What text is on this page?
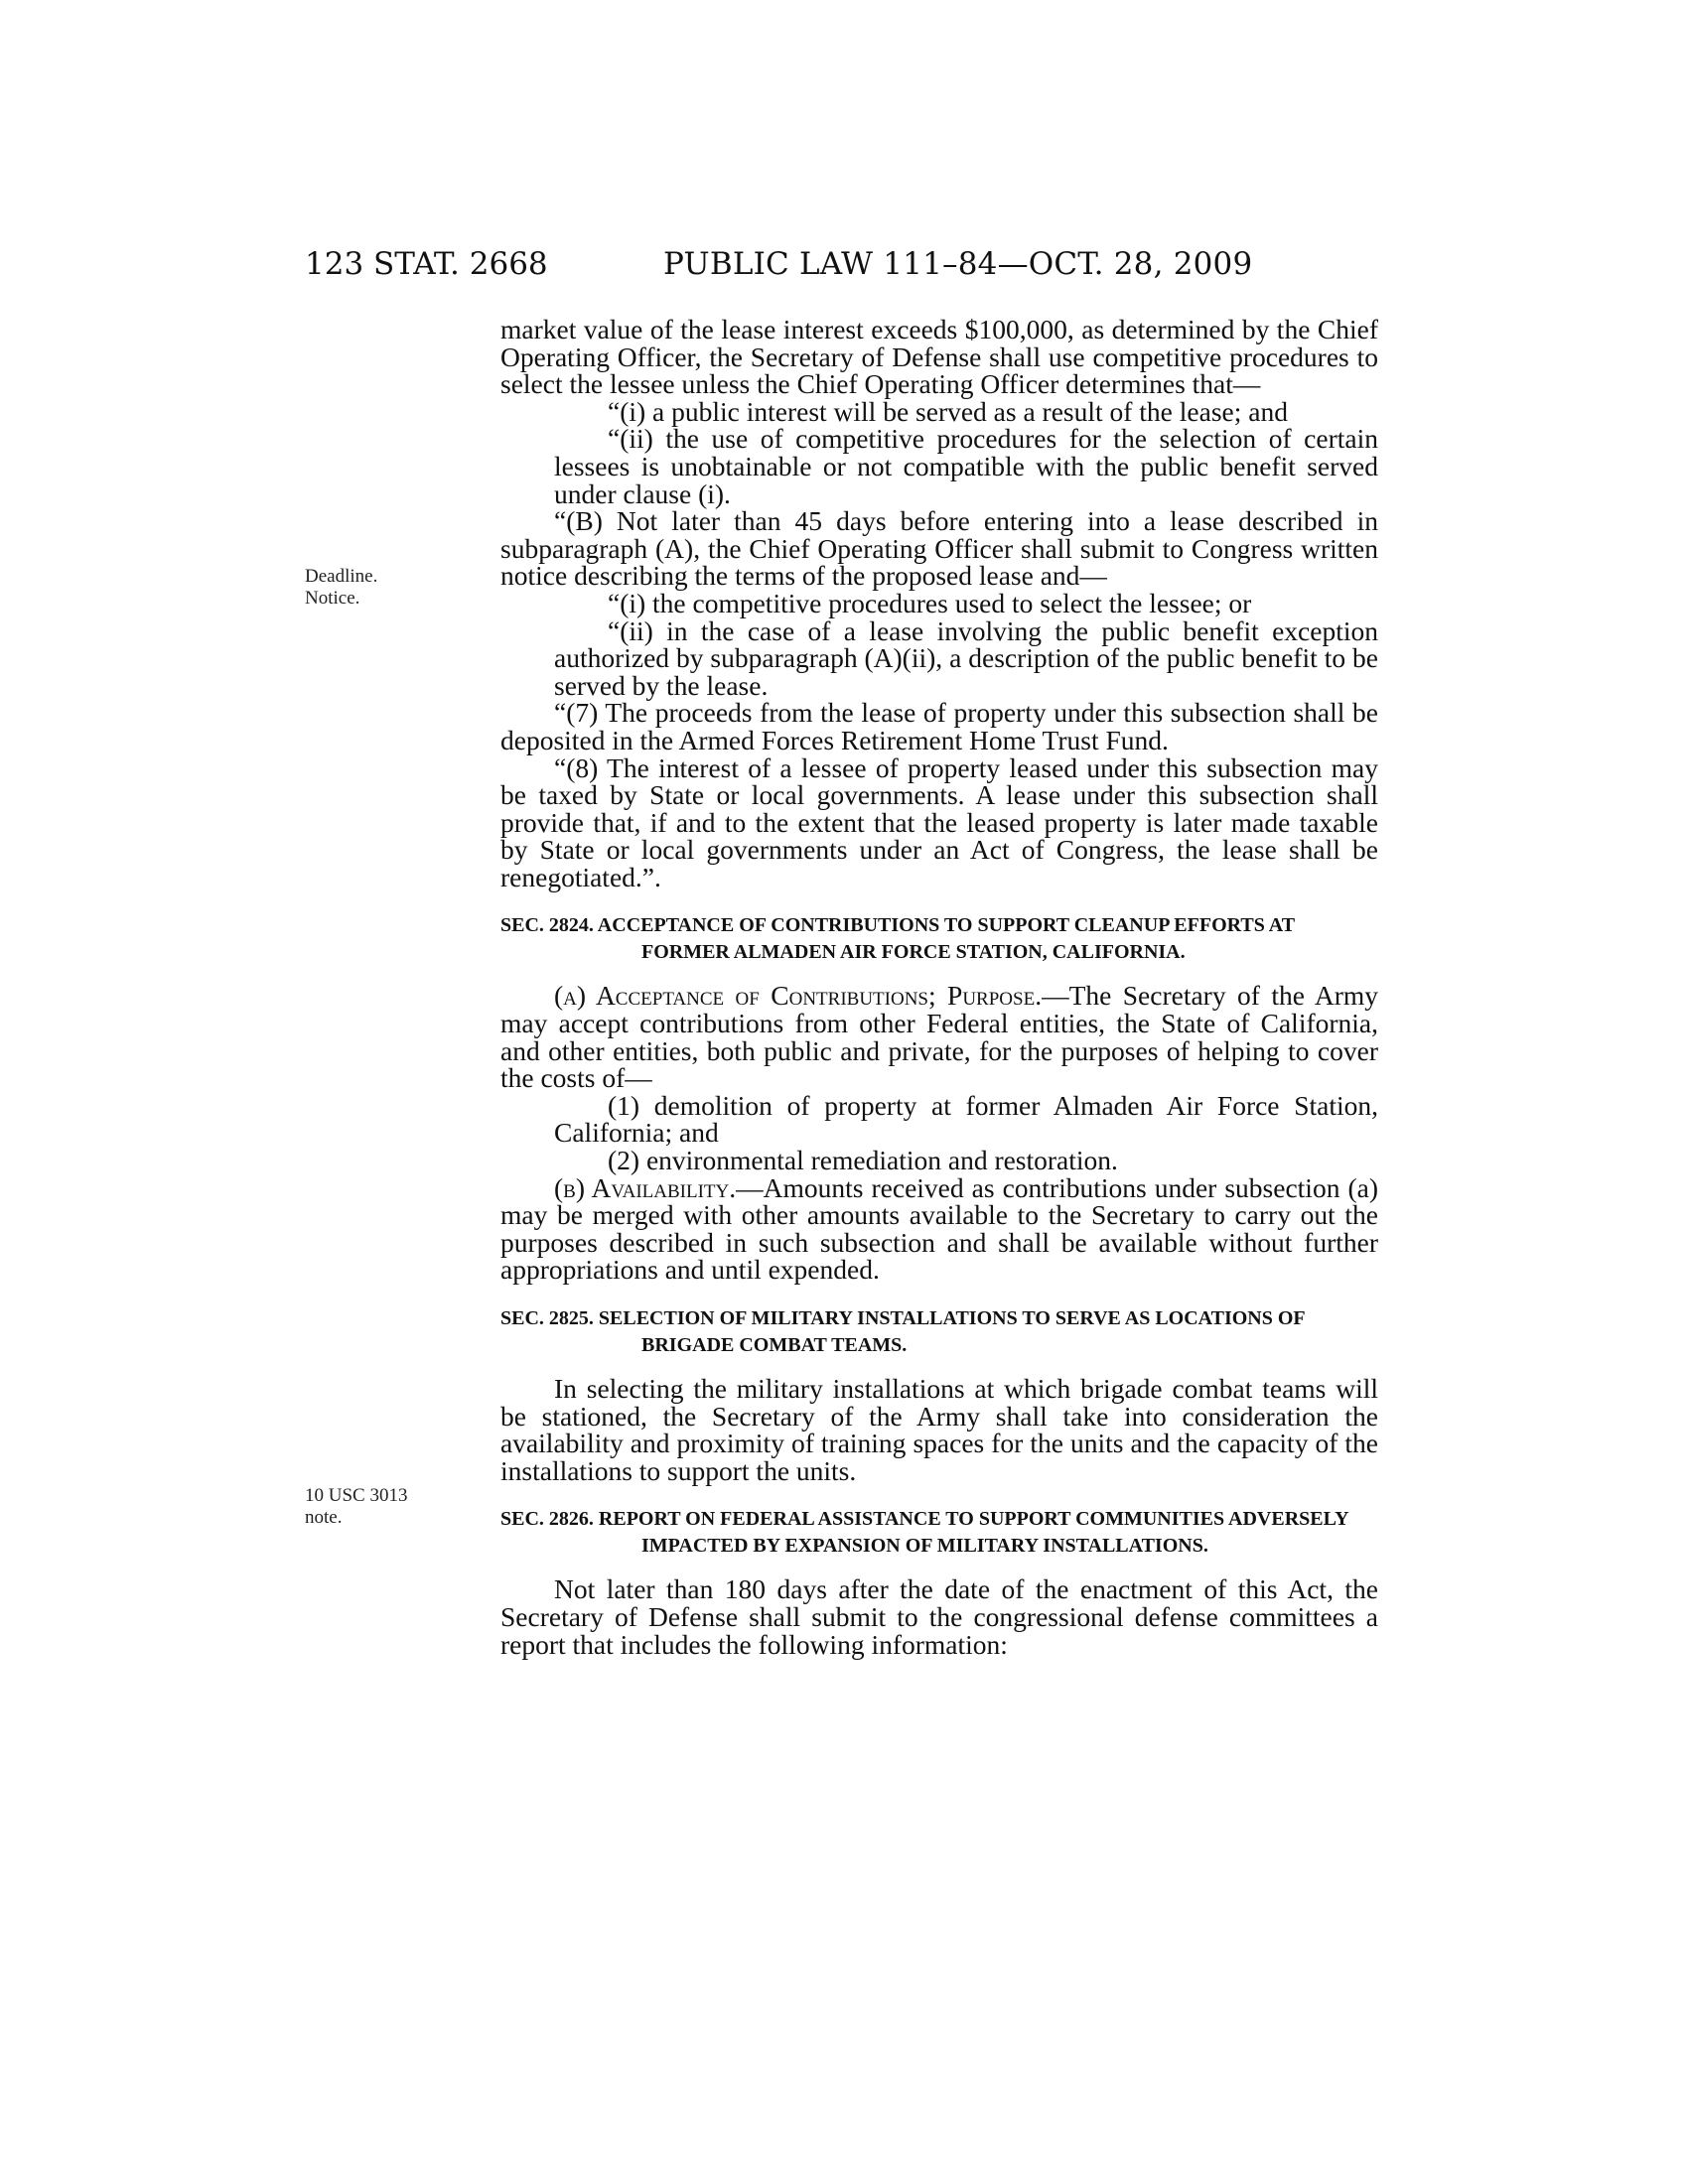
123 STAT. 2668	PUBLIC LAW 111–84—OCT. 28, 2009
Deadline.
Notice.
10 USC 3013
note.

market value of the lease interest exceeds $100,000, as determined by the Chief Operating Officer, the Secretary of Defense shall use competitive procedures to select the lessee unless the Chief Operating Officer determines that—

“(i) a public interest will be served as a result of the lease; and

“(ii) the use of competitive procedures for the selection of certain lessees is unobtainable or not compatible with the public benefit served under clause (i).

“(B) Not later than 45 days before entering into a lease described in subparagraph (A), the Chief Operating Officer shall submit to Congress written notice describing the terms of the proposed lease and—

“(i) the competitive procedures used to select the lessee; or

“(ii) in the case of a lease involving the public benefit exception authorized by subparagraph (A)(ii), a description of the public benefit to be served by the lease.

“(7) The proceeds from the lease of property under this subsection shall be deposited in the Armed Forces Retirement Home Trust Fund.

“(8) The interest of a lessee of property leased under this subsection may be taxed by State or local governments. A lease under this subsection shall provide that, if and to the extent that the leased property is later made taxable by State or local governments under an Act of Congress, the lease shall be renegotiated.”.

SEC. 2824. ACCEPTANCE OF CONTRIBUTIONS TO SUPPORT CLEANUP EFFORTS AT FORMER ALMADEN AIR FORCE STATION, CALIFORNIA.

(a) Acceptance of Contributions; Purpose.—The Secretary of the Army may accept contributions from other Federal entities, the State of California, and other entities, both public and private, for the purposes of helping to cover the costs of—

(1) demolition of property at former Almaden Air Force Station, California; and

(2) environmental remediation and restoration.

(b) Availability.—Amounts received as contributions under subsection (a) may be merged with other amounts available to the Secretary to carry out the purposes described in such subsection and shall be available without further appropriations and until expended.

SEC. 2825. SELECTION OF MILITARY INSTALLATIONS TO SERVE AS LOCATIONS OF BRIGADE COMBAT TEAMS.

In selecting the military installations at which brigade combat teams will be stationed, the Secretary of the Army shall take into consideration the availability and proximity of training spaces for the units and the capacity of the installations to support the units.

SEC. 2826. REPORT ON FEDERAL ASSISTANCE TO SUPPORT COMMUNITIES ADVERSELY IMPACTED BY EXPANSION OF MILITARY INSTALLATIONS.

Not later than 180 days after the date of the enactment of this Act, the Secretary of Defense shall submit to the congressional defense committees a report that includes the following information:
